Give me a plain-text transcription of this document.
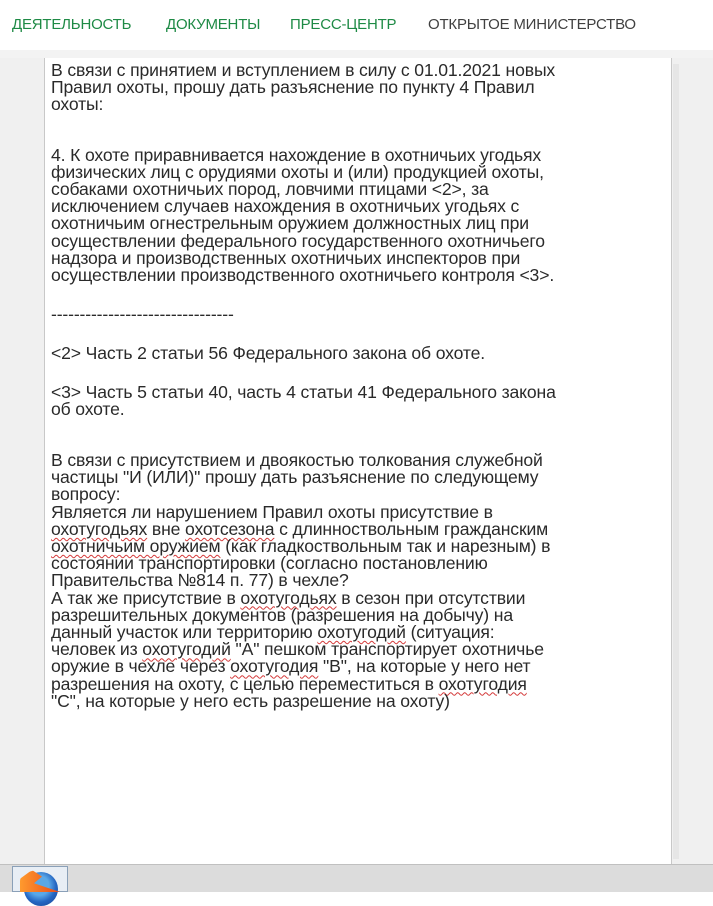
ДЕЯТЕЛЬНОСТЬ ДОКУМЕНТЫ ПРЕСС-ЦЕНТР ОТКРЫТОЕ МИНИСТЕРСТВО

В связи с принятием и вступлением в силу с 01.01.2021 новых
Правил охоты, прошу дать разъяснение по пункту 4 Правил
охоты:

4. К охоте приравнивается нахождение в охотничьих угодьях
физических лиц с орудиями охоты и (или) продукцией охоты,
собаками охотничьих пород, ловчими птицами <2>, за
исключением случаев нахождения в охотничьих угодьях с
охотничьим огнестрельным оружием должностных лиц при
осуществлении федерального государственного охотничьего
надзора и производственных охотничьих инспекторов при
осуществлении производственного охотничьего контроля <3>.

--------------------------------

<2> Часть 2 статьи 56 Федерального закона об охоте.

<3> Часть 5 статьи 40, часть 4 статьи 41 Федерального закона
об охоте.

В связи с присутствием и двоякостью толкования служебной
частицы "И (ИЛИ)" прошу дать разъяснение по следующему
вопросу:

Является ли нарушением Правил охоты присутствие в
охотугодьях вне охотсезона с длинноствольным гражданским
охотничьим оружием (как гладкоствольным так и нарезным) в
состоянии транспортировки (согласно постановлению
Правительства №814 п. 77) в чехле?

А так же присутствие в охотугодьях в сезон при отсутствии
разрешительных документов (разрешения на добычу) на
данный участок или территорию охотугодий (ситуация:
человек из охотугодий "А" пешком транспортирует охотничье
оружие в чехле через охотугодия "В", на которые у него нет
разрешения на охоту, с целью переместиться в охотугодия
"С", на которые у него есть разрешение на охоту)
